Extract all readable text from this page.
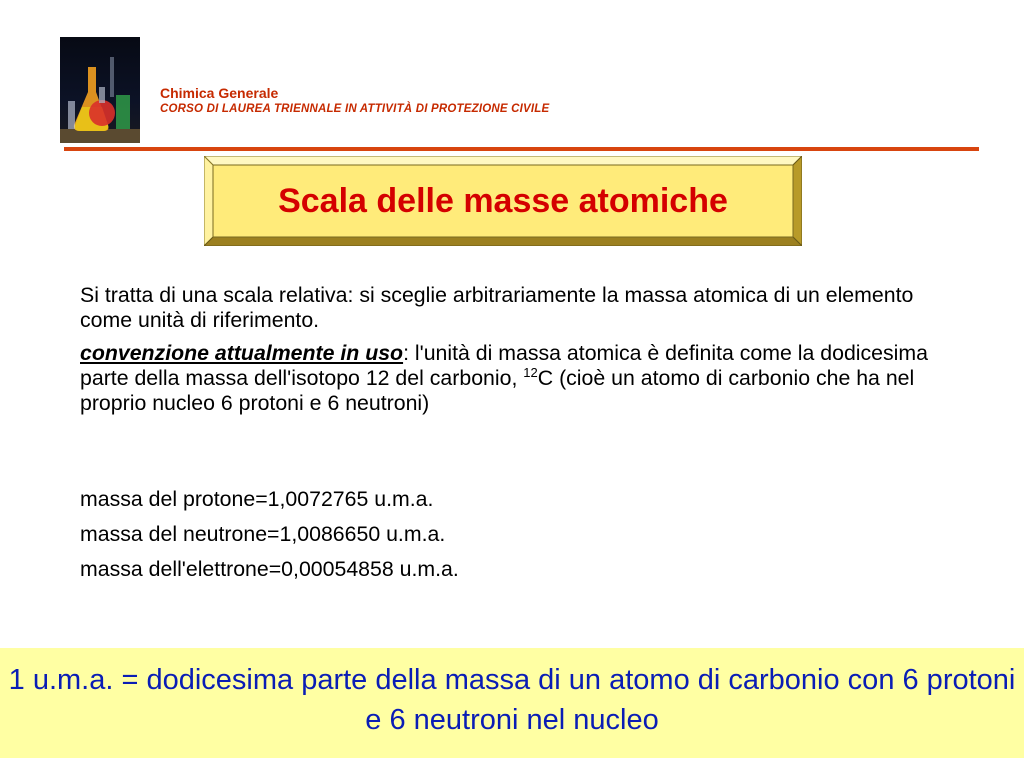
Chimica Generale
CORSO DI LAUREA TRIENNALE IN ATTIVITÀ DI PROTEZIONE CIVILE
Scala delle masse atomiche

Si tratta di una scala relativa: si sceglie arbitrariamente la massa atomica di un elemento come unità di riferimento.

convenzione attualmente in uso: l'unità di massa atomica è definita come la dodicesima parte della massa dell'isotopo 12 del carbonio, $^{12}$C (cioè un atomo di carbonio che ha nel proprio nucleo 6 protoni e 6 neutroni)

massa del protone=1,0072765 u.m.a.
massa del neutrone=1,0086650 u.m.a.
massa dell'elettrone=0,00054858 u.m.a.
1 u.m.a. = dodicesima parte della massa di un atomo di carbonio con 6 protoni e 6 neutroni nel nucleo
